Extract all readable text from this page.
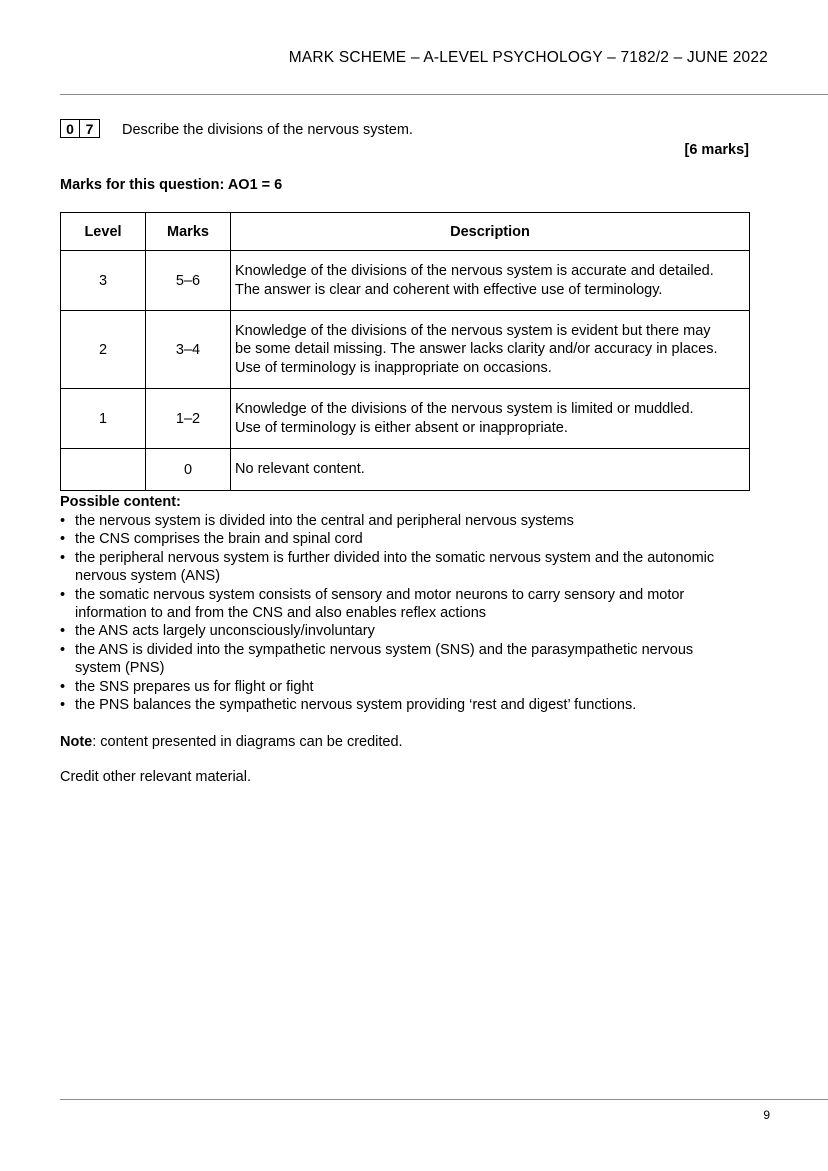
MARK SCHEME – A-LEVEL PSYCHOLOGY – 7182/2 – JUNE 2022
0 7	Describe the divisions of the nervous system.
[6 marks]
Marks for this question: AO1 = 6
Level	Marks	Description
3	5–6	Knowledge of the divisions of the nervous system is accurate and detailed.
The answer is clear and coherent with effective use of terminology.

2	3–4	Knowledge of the divisions of the nervous system is evident but there may
be some detail missing. The answer lacks clarity and/or accuracy in places.
Use of terminology is inappropriate on occasions.

1	1–2	Knowledge of the divisions of the nervous system is limited or muddled.
Use of terminology is either absent or inappropriate.

	0	No relevant content.
Possible content:
• the nervous system is divided into the central and peripheral nervous systems
• the CNS comprises the brain and spinal cord
• the peripheral nervous system is further divided into the somatic nervous system and the autonomic
nervous system (ANS)
• the somatic nervous system consists of sensory and motor neurons to carry sensory and motor
information to and from the CNS and also enables reflex actions
• the ANS acts largely unconsciously/involuntary
• the ANS is divided into the sympathetic nervous system (SNS) and the parasympathetic nervous
system (PNS)
• the SNS prepares us for flight or fight
• the PNS balances the sympathetic nervous system providing ‘rest and digest’ functions.
Note: content presented in diagrams can be credited.
Credit other relevant material.
9
